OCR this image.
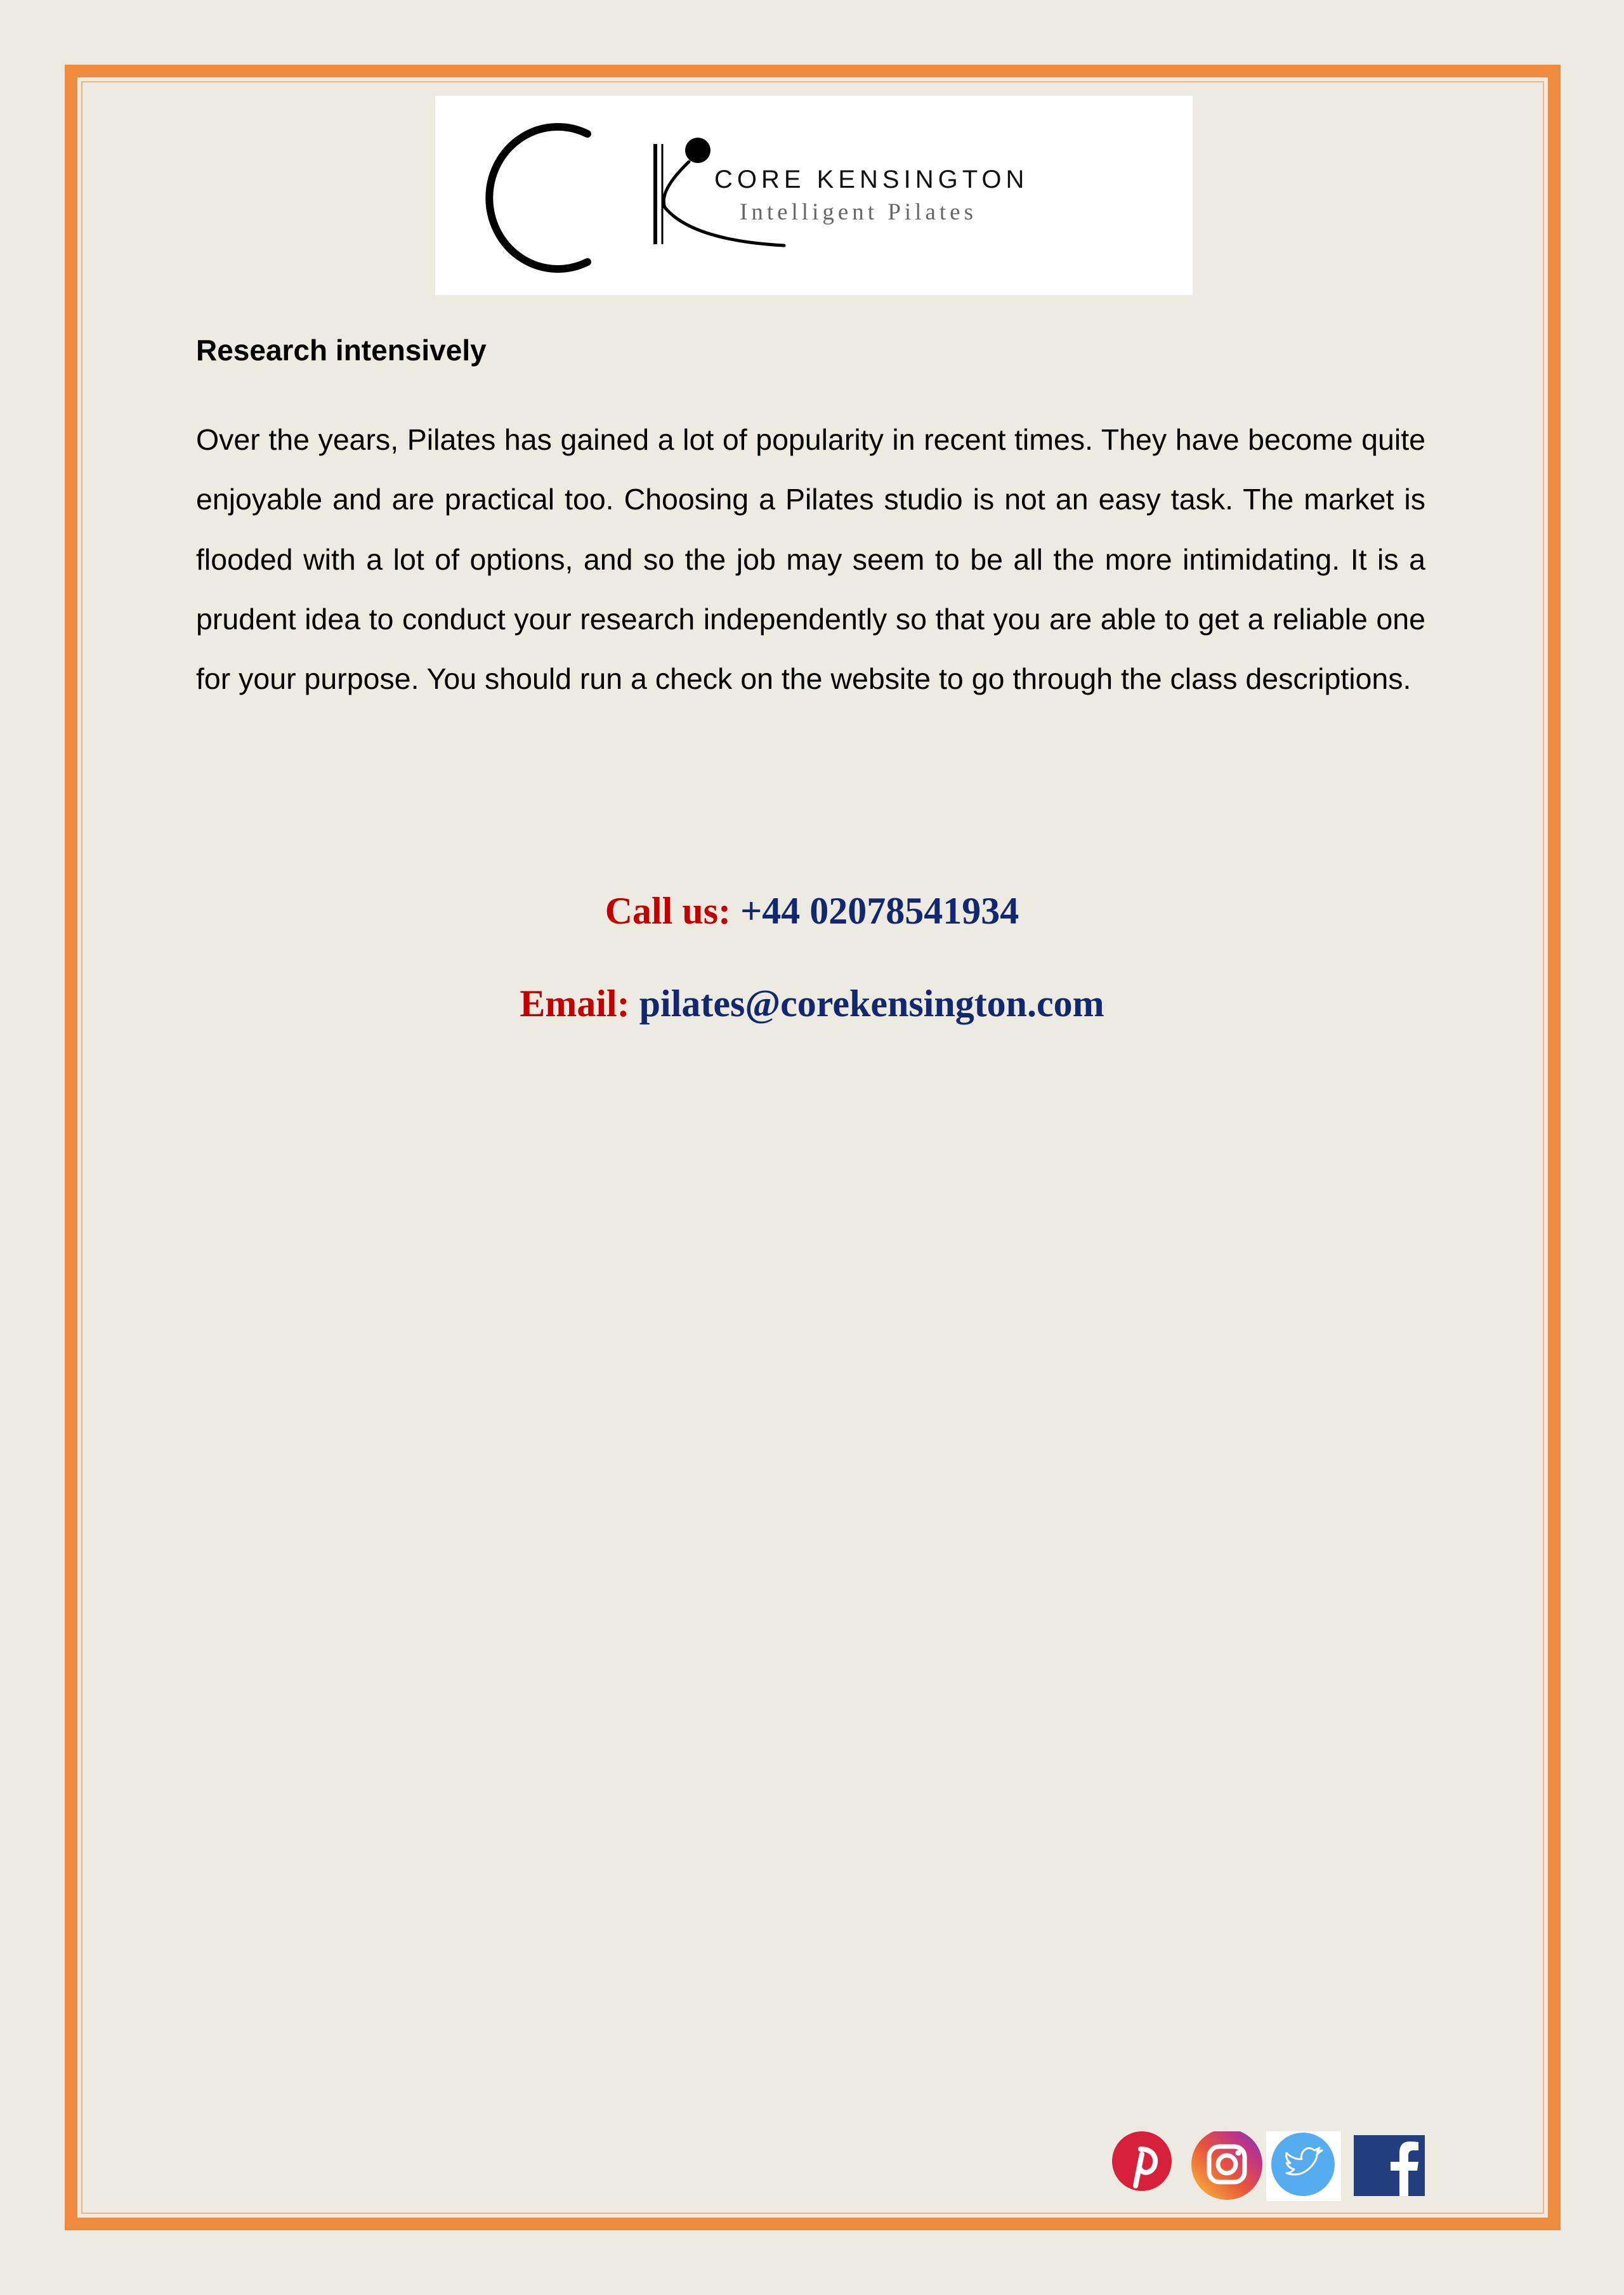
CORE KENSINGTON
Intelligent Pilates
Research intensively
Over the years, Pilates has gained a lot of popularity in recent times. They have become quite enjoyable and are practical too. Choosing a Pilates studio is not an easy task. The market is flooded with a lot of options, and so the job may seem to be all the more intimidating. It is a prudent idea to conduct your research independently so that you are able to get a reliable one for your purpose. You should run a check on the website to go through the class descriptions.
Call us: +44 02078541934
Email: pilates@corekensington.com
